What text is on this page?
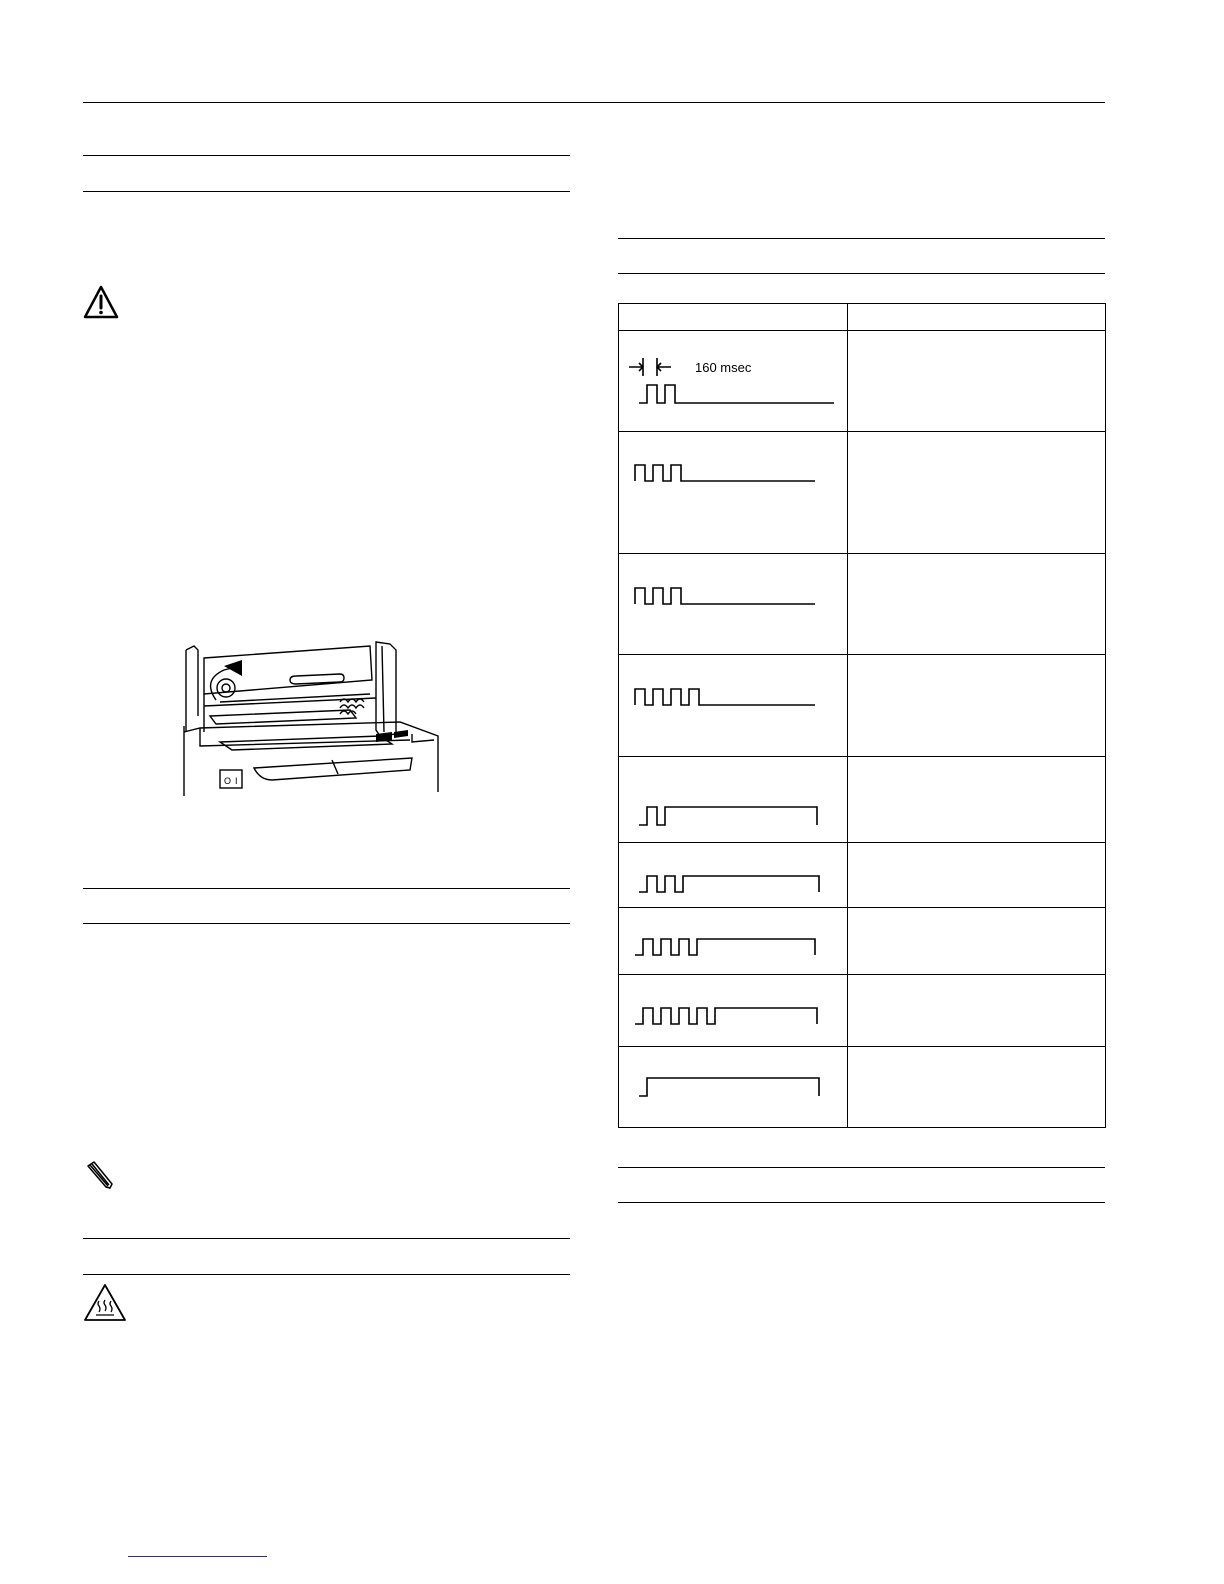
O I
160 msec
